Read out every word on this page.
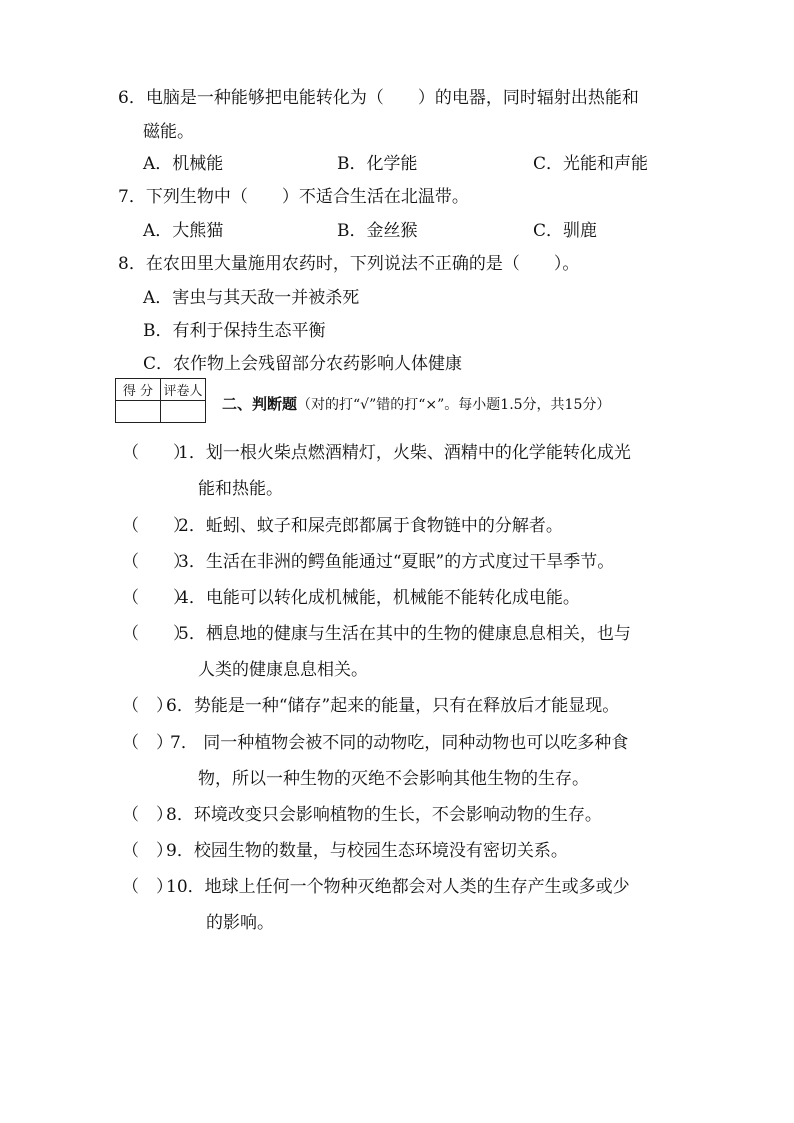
6．电脑是一种能够把电能转化为（　　）的电器，同时辐射出热能和
磁能。
A．机械能	B．化学能	C．光能和声能
7．下列生物中（　　）不适合生活在北温带。
A．大熊猫	B．金丝猴	C．驯鹿
8．在农田里大量施用农药时，下列说法不正确的是（　　）。
A．害虫与其天敌一并被杀死
B．有利于保持生态平衡
C．农作物上会残留部分农药影响人体健康
得 分	评卷人

二、判断题（对的打“√”错的打“×”。每小题1.5分，共15分）
（　　）
1．划一根火柴点燃酒精灯，火柴、酒精中的化学能转化成光
能和热能。
（　　）
2．蚯蚓、蚊子和屎壳郎都属于食物链中的分解者。
（　　）
3．生活在非洲的鳄鱼能通过“夏眠”的方式度过干旱季节。
（　　）
4．电能可以转化成机械能，机械能不能转化成电能。
（　　）
5．栖息地的健康与生活在其中的生物的健康息息相关，也与
人类的健康息息相关。
（　）
6．势能是一种“储存”起来的能量，只有在释放后才能显现。
（　）
7． 同一种植物会被不同的动物吃，同种动物也可以吃多种食
物，所以一种生物的灭绝不会影响其他生物的生存。
（　）
8．环境改变只会影响植物的生长，不会影响动物的生存。
（　）
9．校园生物的数量，与校园生态环境没有密切关系。
（　）
10．地球上任何一个物种灭绝都会对人类的生存产生或多或少
的影响。
